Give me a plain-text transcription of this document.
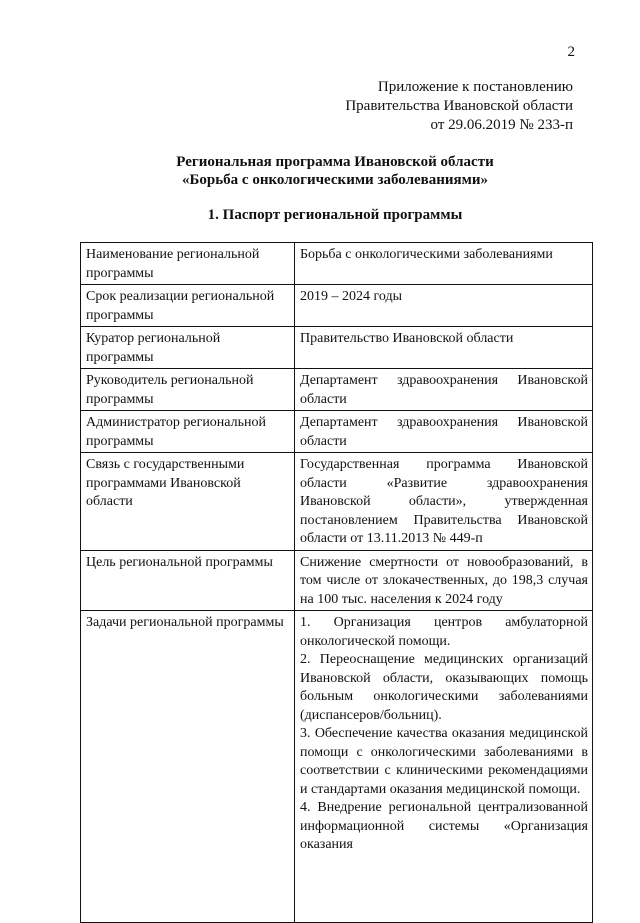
2
Приложение к постановлению
Правительства Ивановской области
от 29.06.2019 № 233-п
Региональная программа Ивановской области
«Борьба с онкологическими заболеваниями»
1. Паспорт региональной программы
Наименование региональной программы	Борьба с онкологическими заболеваниями
Срок реализации региональной программы	2019 – 2024 годы
Куратор региональной программы	Правительство Ивановской области
Руководитель региональной программы	Департамент здравоохранения Ивановской области
Администратор региональной программы	Департамент здравоохранения Ивановской области
Связь с государственными программами Ивановской области	Государственная программа Ивановской области «Развитие здравоохранения Ивановской области», утвержденная постановлением Правительства Ивановской области от 13.11.2013 № 449-п
Цель региональной программы	Снижение смертности от новообразований, в том числе от злокачественных, до 198,3 случая на 100 тыс. населения к 2024 году
Задачи региональной программы	1. Организация центров амбулаторной онкологической помощи.
2. Переоснащение медицинских организаций Ивановской области, оказывающих помощь больным онкологическими заболеваниями (диспансеров/больниц).
3. Обеспечение качества оказания медицинской помощи с онкологическими заболеваниями в соответствии с клиническими рекомендациями и стандартами оказания медицинской помощи.
4. Внедрение региональной централизованной информационной системы «Организация оказания
